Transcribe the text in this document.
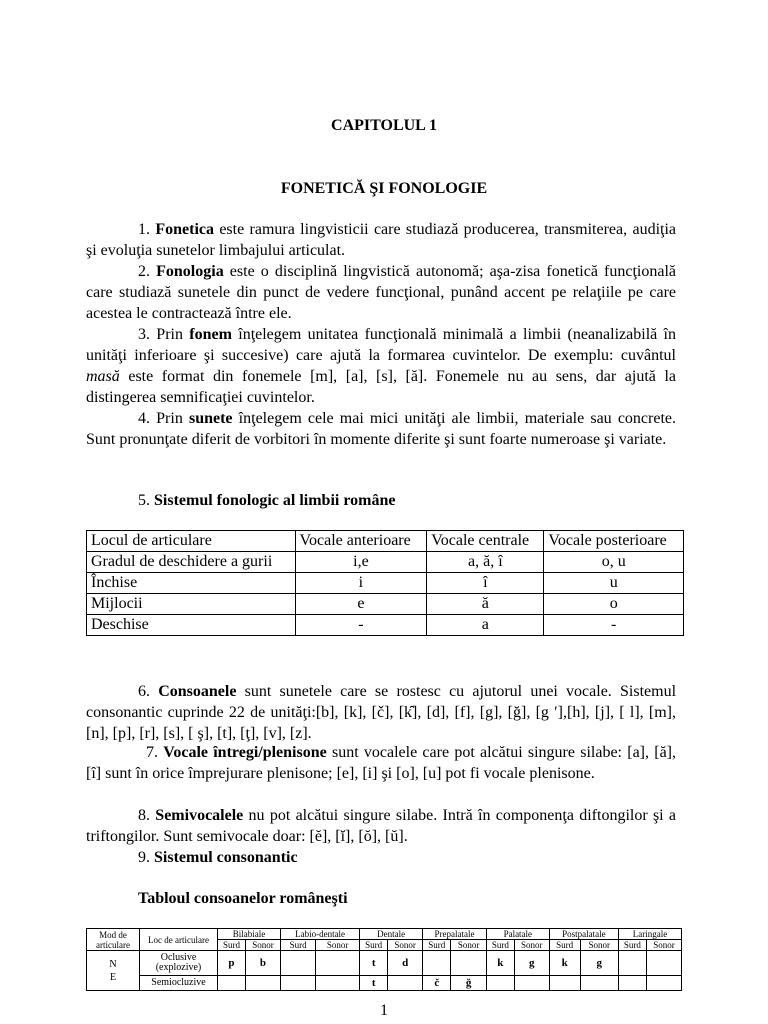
CAPITOLUL 1
FONETICĂ ŞI FONOLOGIE
1. Fonetica este ramura lingvisticii care studiază producerea, transmiterea, audiţia şi evoluţia sunetelor limbajului articulat.
2. Fonologia este o disciplină lingvistică autonomă; aşa-zisa fonetică funcţională care studiază sunetele din punct de vedere funcţional, punând accent pe relaţiile pe care acestea le contractează între ele.
3. Prin fonem înţelegem unitatea funcţională minimală a limbii (neanalizabilă în unităţi inferioare şi succesive) care ajută la formarea cuvintelor. De exemplu: cuvântul masă este format din fonemele [m], [a], [s], [ă]. Fonemele nu au sens, dar ajută la distingerea semnificaţiei cuvintelor.
4. Prin sunete înţelegem cele mai mici unităţi ale limbii, materiale sau concrete. Sunt pronunţate diferit de vorbitori în momente diferite şi sunt foarte numeroase şi variate.
5. Sistemul fonologic al limbii române
Locul de articulare	Vocale anterioare	Vocale centrale	Vocale posterioare
Gradul de deschidere a gurii	i,e	a, ă, î	o, u
Închise	i	î	u
Mijlocii	e	ă	o
Deschise	-	a	-
6. Consoanele sunt sunetele care se rostesc cu ajutorul unei vocale. Sistemul consonantic cuprinde 22 de unităţi:[b], [k], [č], [k̑], [d], [f], [g], [ğ], [g ′],[h], [j], [ l], [m], [n], [p], [r], [s], [ ş], [t], [ţ], [v], [z].
7. Vocale întregi/plenisone sunt vocalele care pot alcătui singure silabe: [a], [ă], [î] sunt în orice împrejurare plenisone; [e], [i] şi [o], [u] pot fi vocale plenisone.
8. Semivocalele nu pot alcătui singure silabe. Intră în componenţa diftongilor şi a triftongilor. Sunt semivocale doar: [ĕ], [ĭ], [ŏ], [ŭ].
9. Sistemul consonantic
Tabloul consoanelor româneşti
Mod de articulare	Loc de articulare	Bilabiale		Labio-dentale		Dentale		Prepalatale		Palatale		Postpalatale		Laringale	
		Surd	Sonor	Surd	Sonor	Surd	Sonor	Surd	Sonor	Surd	Sonor	Surd	Sonor	Surd	Sonor
N
E	Oclusive (explozive)	p	b			t	d			k	g	k	g		
	Semiocluzive					t		č	ğ						
1
